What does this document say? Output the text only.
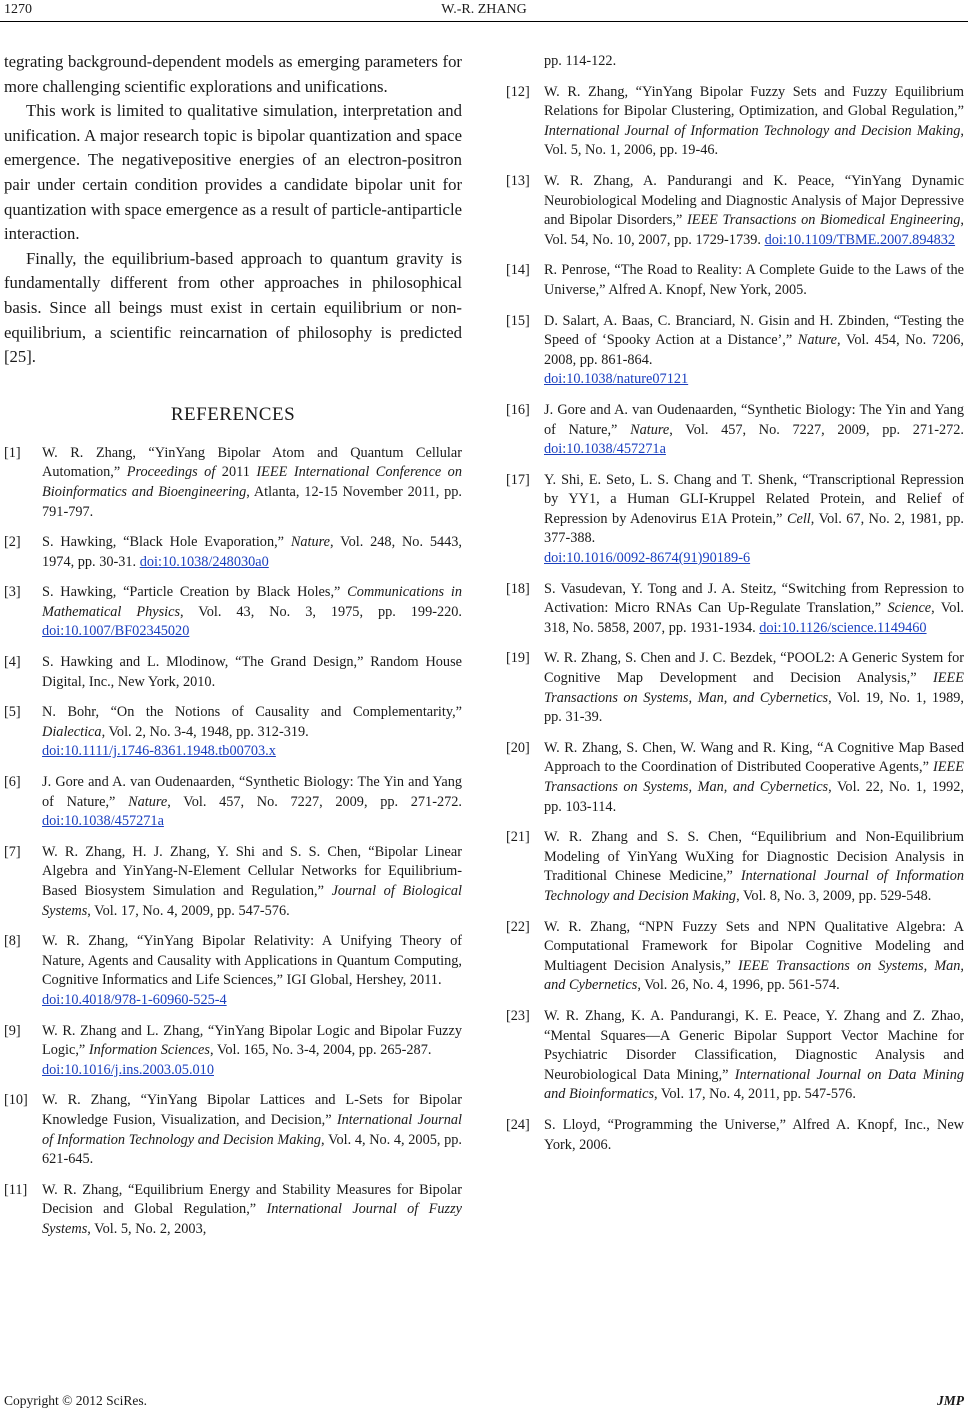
1270	W.-R. ZHANG

tegrating background-dependent models as emerging parameters for more challenging scientific explorations and unifications.

This work is limited to qualitative simulation, interpretation and unification. A major research topic is bipolar quantization and space emergence. The negativepositive energies of an electron-positron pair under certain condition provides a candidate bipolar unit for quantization with space emergence as a result of particle-antiparticle interaction.

Finally, the equilibrium-based approach to quantum gravity is fundamentally different from other approaches in philosophical basis. Since all beings must exist in certain equilibrium or non-equilibrium, a scientific reincarnation of philosophy is predicted [25].

REFERENCES
[1]	W. R. Zhang, “YinYang Bipolar Atom and Quantum Cellular Automation,” Proceedings of 2011 IEEE International Conference on Bioinformatics and Bioengineering, Atlanta, 12-15 November 2011, pp. 791-797.
[2]	S. Hawking, “Black Hole Evaporation,” Nature, Vol. 248, No. 5443, 1974, pp. 30-31. doi:10.1038/248030a0
[3]	S. Hawking, “Particle Creation by Black Holes,” Communications in Mathematical Physics, Vol. 43, No. 3, 1975, pp. 199-220. doi:10.1007/BF02345020
[4]	S. Hawking and L. Mlodinow, “The Grand Design,” Random House Digital, Inc., New York, 2010.
[5]	N. Bohr, “On the Notions of Causality and Complementarity,” Dialectica, Vol. 2, No. 3-4, 1948, pp. 312-319.
doi:10.1111/j.1746-8361.1948.tb00703.x
[6]	J. Gore and A. van Oudenaarden, “Synthetic Biology: The Yin and Yang of Nature,” Nature, Vol. 457, No. 7227, 2009, pp. 271-272. doi:10.1038/457271a
[7]	W. R. Zhang, H. J. Zhang, Y. Shi and S. S. Chen, “Bipolar Linear Algebra and YinYang-N-Element Cellular Networks for Equilibrium-Based Biosystem Simulation and Regulation,” Journal of Biological Systems, Vol. 17, No. 4, 2009, pp. 547-576.
[8]	W. R. Zhang, “YinYang Bipolar Relativity: A Unifying Theory of Nature, Agents and Causality with Applications in Quantum Computing, Cognitive Informatics and Life Sciences,” IGI Global, Hershey, 2011.
doi:10.4018/978-1-60960-525-4
[9]	W. R. Zhang and L. Zhang, “YinYang Bipolar Logic and Bipolar Fuzzy Logic,” Information Sciences, Vol. 165, No. 3-4, 2004, pp. 265-287.
doi:10.1016/j.ins.2003.05.010
[10] W. R. Zhang, “YinYang Bipolar Lattices and L-Sets for Bipolar Knowledge Fusion, Visualization, and Decision,” International Journal of Information Technology and Decision Making, Vol. 4, No. 4, 2005, pp. 621-645.
[11]	W. R. Zhang, “Equilibrium Energy and Stability Measures for Bipolar Decision and Global Regulation,” International Journal of Fuzzy Systems, Vol. 5, No. 2, 2003,
pp. 114-122.
[12] W. R. Zhang, “YinYang Bipolar Fuzzy Sets and Fuzzy Equilibrium Relations for Bipolar Clustering, Optimization, and Global Regulation,” International Journal of Information Technology and Decision Making, Vol. 5, No. 1, 2006, pp. 19-46.
[13] W. R. Zhang, A. Pandurangi and K. Peace, “YinYang Dynamic Neurobiological Modeling and Diagnostic Analysis of Major Depressive and Bipolar Disorders,” IEEE Transactions on Biomedical Engineering, Vol. 54, No. 10, 2007, pp. 1729-1739. doi:10.1109/TBME.2007.894832
[14] R. Penrose, “The Road to Reality: A Complete Guide to the Laws of the Universe,” Alfred A. Knopf, New York, 2005.
[15] D. Salart, A. Baas, C. Branciard, N. Gisin and H. Zbinden, “Testing the Speed of ‘Spooky Action at a Distance’,” Nature, Vol. 454, No. 7206, 2008, pp. 861-864.
doi:10.1038/nature07121
[16] J. Gore and A. van Oudenaarden, “Synthetic Biology: The Yin and Yang of Nature,” Nature, Vol. 457, No. 7227, 2009, pp. 271-272. doi:10.1038/457271a
[17] Y. Shi, E. Seto, L. S. Chang and T. Shenk, “Transcriptional Repression by YY1, a Human GLI-Kruppel Related Protein, and Relief of Repression by Adenovirus E1A Protein,” Cell, Vol. 67, No. 2, 1981, pp. 377-388.
doi:10.1016/0092-8674(91)90189-6
[18] S. Vasudevan, Y. Tong and J. A. Steitz, “Switching from Repression to Activation: Micro RNAs Can Up-Regulate Translation,” Science, Vol. 318, No. 5858, 2007, pp. 1931-1934. doi:10.1126/science.1149460
[19] W. R. Zhang, S. Chen and J. C. Bezdek, “POOL2: A Generic System for Cognitive Map Development and Decision Analysis,” IEEE Transactions on Systems, Man, and Cybernetics, Vol. 19, No. 1, 1989, pp. 31-39.
[20] W. R. Zhang, S. Chen, W. Wang and R. King, “A Cognitive Map Based Approach to the Coordination of Distributed Cooperative Agents,” IEEE Transactions on Systems, Man, and Cybernetics, Vol. 22, No. 1, 1992, pp. 103-114.
[21] W. R. Zhang and S. S. Chen, “Equilibrium and Non-Equilibrium Modeling of YinYang WuXing for Diagnostic Decision Analysis in Traditional Chinese Medicine,” International Journal of Information Technology and Decision Making, Vol. 8, No. 3, 2009, pp. 529-548.
[22] W. R. Zhang, “NPN Fuzzy Sets and NPN Qualitative Algebra: A Computational Framework for Bipolar Cognitive Modeling and Multiagent Decision Analysis,” IEEE Transactions on Systems, Man, and Cybernetics, Vol. 26, No. 4, 1996, pp. 561-574.
[23] W. R. Zhang, K. A. Pandurangi, K. E. Peace, Y. Zhang and Z. Zhao, “Mental Squares—A Generic Bipolar Support Vector Machine for Psychiatric Disorder Classification, Diagnostic Analysis and Neurobiological Data Mining,” International Journal on Data Mining and Bioinformatics, Vol. 17, No. 4, 2011, pp. 547-576.
[24] S. Lloyd, “Programming the Universe,” Alfred A. Knopf, Inc., New York, 2006.
Copyright © 2012 SciRes.	JMP
